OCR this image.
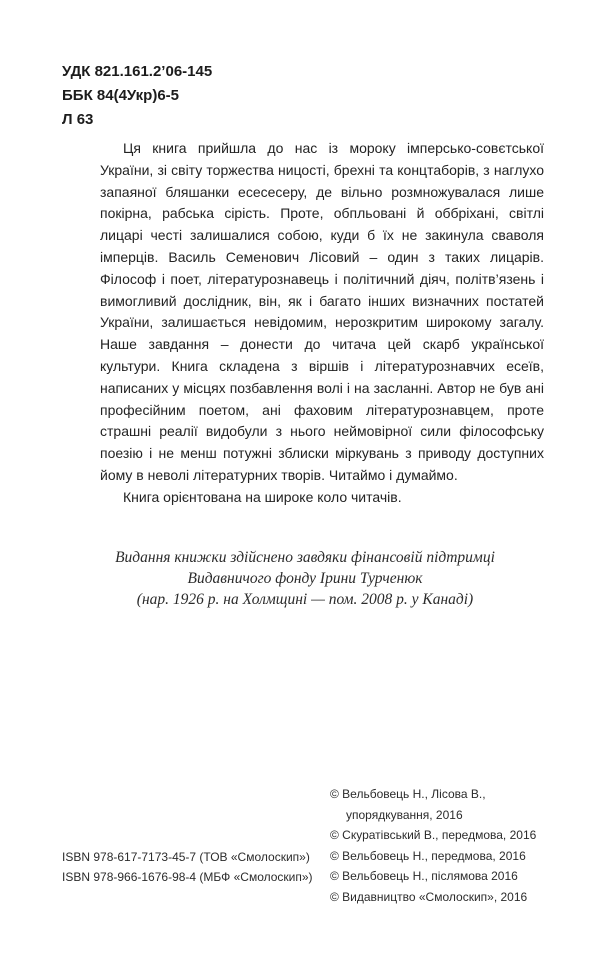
УДК 821.161.2’06-145
ББК 84(4Укр)6-5
Л 63

Ця книга прийшла до нас із мороку імперсько-совєтської України, зі світу торжества ницості, брехні та концтаборів, з наглухо запаяної бляшанки есесесеру, де вільно розмножувалася лише покірна, рабська сірість. Проте, обпльовані й оббріхані, світлі лицарі честі залишалися собою, куди б їх не закинула сваволя імперців. Василь Семенович Лісовий – один з таких лицарів. Філософ і поет, літературознавець і політичний діяч, політв’язень і вимогливий дослідник, він, як і багато інших визначних постатей України, залишається невідомим, нерозкритим широкому загалу. Наше завдання – донести до читача цей скарб української культури. Книга складена з віршів і літературознавчих есеїв, написаних у місцях позбавлення волі і на засланні. Автор не був ані професійним поетом, ані фаховим літературознавцем, проте страшні реалії видобули з нього неймовірної сили філософську поезію і не менш потужні зблиски міркувань з приводу доступних йому в неволі літературних творів. Читаймо і думаймо.

Книга орієнтована на широке коло читачів.

Видання книжки здійснено завдяки фінансовій підтримці
Видавничого фонду Ірини Турченюк
(нар. 1926 р. на Холмщині — пом. 2008 р. у Канаді)
© Вельбовець Н., Лісова В.,
упорядкування, 2016
© Скуратівський В., передмова, 2016
© Вельбовець Н., передмова, 2016
© Вельбовець Н., післямова 2016
© Видавництво «Смолоскип», 2016
ISBN 978-617-7173-45-7 (ТОВ «Смолоскип»)
ISBN 978-966-1676-98-4 (МБФ «Смолоскип»)
